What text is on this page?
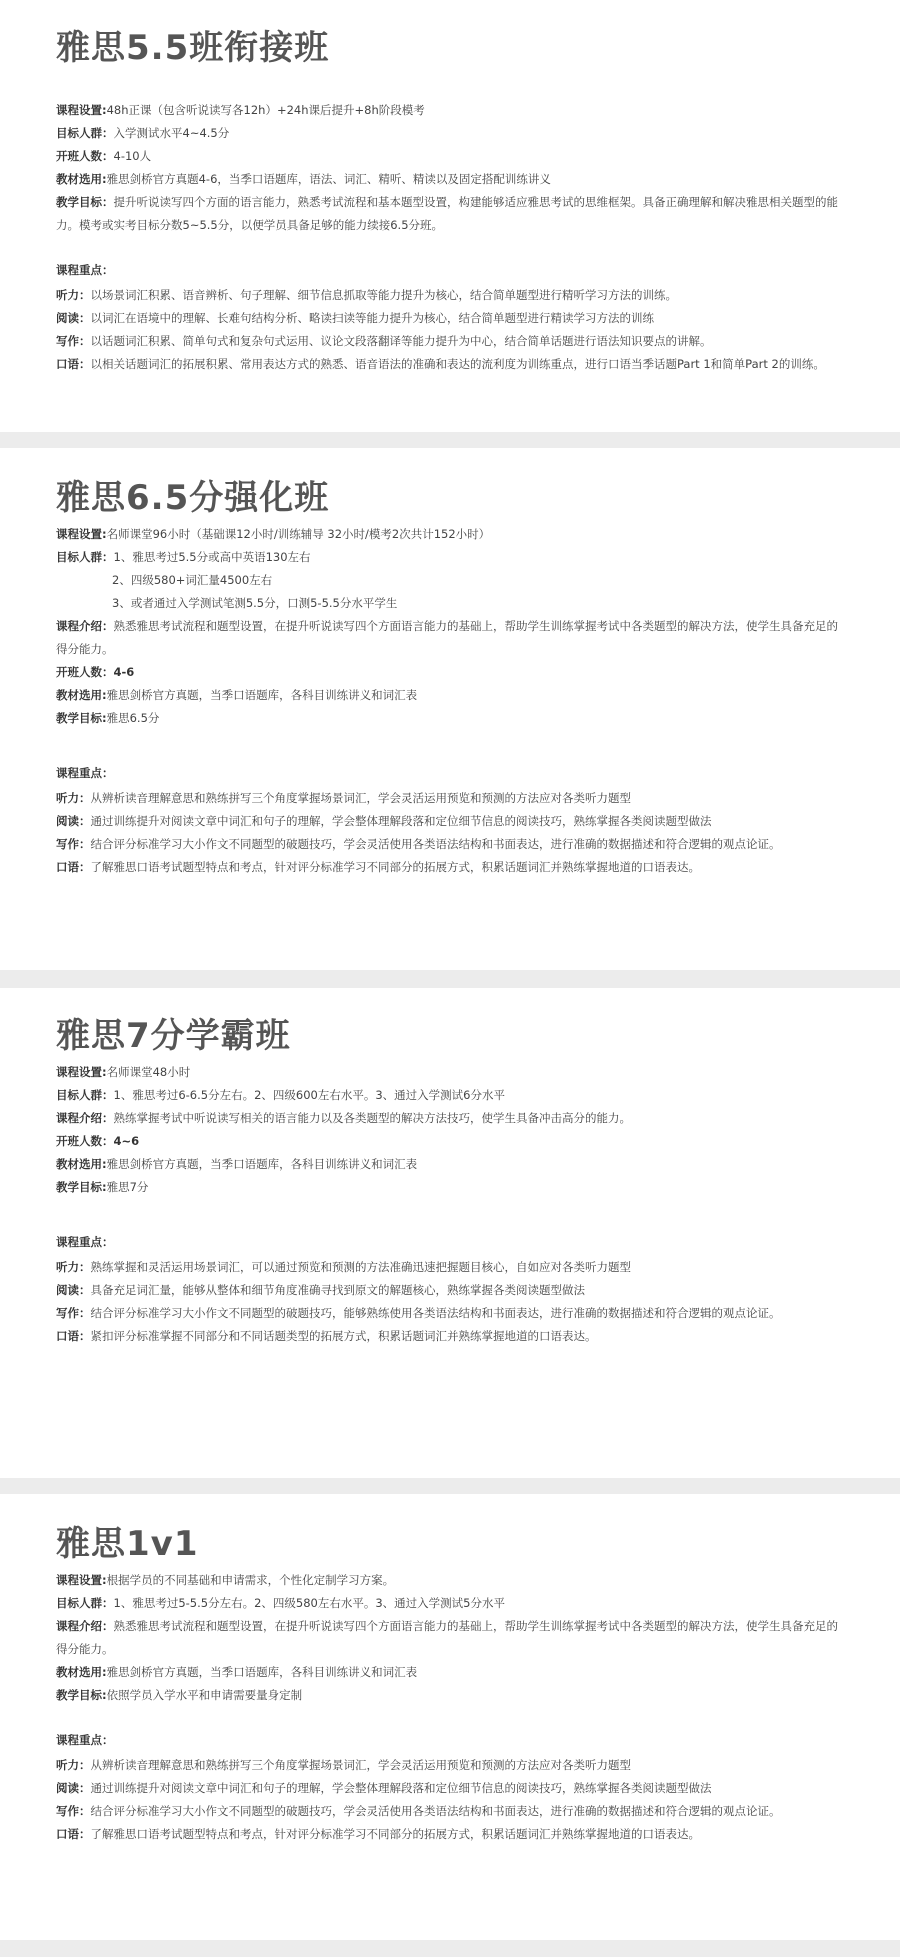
雅思5.5班衔接班
课程设置:48h正课（包含听说读写各12h）+24h课后提升+8h阶段模考
目标人群：入学测试水平4~4.5分
开班人数：4-10人
教材选用:雅思剑桥官方真题4-6，当季口语题库，语法、词汇、精听、精读以及固定搭配训练讲义
教学目标：提升听说读写四个方面的语言能力，熟悉考试流程和基本题型设置，构建能够适应雅思考试的思维框架。具备正确理解和解决雅思相关题型的能力。模考或实考目标分数5~5.5分，以便学员具备足够的能力续接6.5分班。
课程重点：
听力：以场景词汇积累、语音辨析、句子理解、细节信息抓取等能力提升为核心，结合简单题型进行精听学习方法的训练。
阅读：以词汇在语境中的理解、长难句结构分析、略读扫读等能力提升为核心，结合简单题型进行精读学习方法的训练
写作：以话题词汇积累、简单句式和复杂句式运用、议论文段落翻译等能力提升为中心，结合简单话题进行语法知识要点的讲解。
口语：以相关话题词汇的拓展积累、常用表达方式的熟悉、语音语法的准确和表达的流利度为训练重点，进行口语当季话题Part 1和简单Part 2的训练。
雅思6.5分强化班
课程设置:名师课堂96小时（基础课12小时/训练辅导 32小时/模考2次共计152小时）
目标人群：1、雅思考过5.5分或高中英语130左右
2、四级580+词汇量4500左右
3、或者通过入学测试笔测5.5分，口测5-5.5分水平学生
课程介绍：熟悉雅思考试流程和题型设置，在提升听说读写四个方面语言能力的基础上，帮助学生训练掌握考试中各类题型的解决方法，使学生具备充足的得分能力。
开班人数：4-6
教材选用:雅思剑桥官方真题，当季口语题库，各科目训练讲义和词汇表
教学目标:雅思6.5分
课程重点：
听力：从辨析读音理解意思和熟练拼写三个角度掌握场景词汇，学会灵活运用预览和预测的方法应对各类听力题型
阅读：通过训练提升对阅读文章中词汇和句子的理解，学会整体理解段落和定位细节信息的阅读技巧，熟练掌握各类阅读题型做法
写作：结合评分标准学习大小作文不同题型的破题技巧，学会灵活使用各类语法结构和书面表达，进行准确的数据描述和符合逻辑的观点论证。
口语：了解雅思口语考试题型特点和考点，针对评分标准学习不同部分的拓展方式，积累话题词汇并熟练掌握地道的口语表达。
雅思7分学霸班
课程设置:名师课堂48小时
目标人群：1、雅思考过6-6.5分左右。2、四级600左右水平。3、通过入学测试6分水平
课程介绍：熟练掌握考试中听说读写相关的语言能力以及各类题型的解决方法技巧，使学生具备冲击高分的能力。
开班人数：4~6
教材选用:雅思剑桥官方真题，当季口语题库，各科目训练讲义和词汇表
教学目标:雅思7分
课程重点：
听力：熟练掌握和灵活运用场景词汇，可以通过预览和预测的方法准确迅速把握题目核心，自如应对各类听力题型
阅读：具备充足词汇量，能够从整体和细节角度准确寻找到原文的解题核心，熟练掌握各类阅读题型做法
写作：结合评分标准学习大小作文不同题型的破题技巧，能够熟练使用各类语法结构和书面表达，进行准确的数据描述和符合逻辑的观点论证。
口语：紧扣评分标准掌握不同部分和不同话题类型的拓展方式，积累话题词汇并熟练掌握地道的口语表达。
雅思1v1
课程设置:根据学员的不同基础和申请需求，个性化定制学习方案。
目标人群：1、雅思考过5-5.5分左右。2、四级580左右水平。3、通过入学测试5分水平
课程介绍：熟悉雅思考试流程和题型设置，在提升听说读写四个方面语言能力的基础上，帮助学生训练掌握考试中各类题型的解决方法，使学生具备充足的得分能力。
教材选用:雅思剑桥官方真题，当季口语题库，各科目训练讲义和词汇表
教学目标:依照学员入学水平和申请需要量身定制
课程重点：
听力：从辨析读音理解意思和熟练拼写三个角度掌握场景词汇，学会灵活运用预览和预测的方法应对各类听力题型
阅读：通过训练提升对阅读文章中词汇和句子的理解，学会整体理解段落和定位细节信息的阅读技巧，熟练掌握各类阅读题型做法
写作：结合评分标准学习大小作文不同题型的破题技巧，学会灵活使用各类语法结构和书面表达，进行准确的数据描述和符合逻辑的观点论证。
口语：了解雅思口语考试题型特点和考点，针对评分标准学习不同部分的拓展方式，积累话题词汇并熟练掌握地道的口语表达。
